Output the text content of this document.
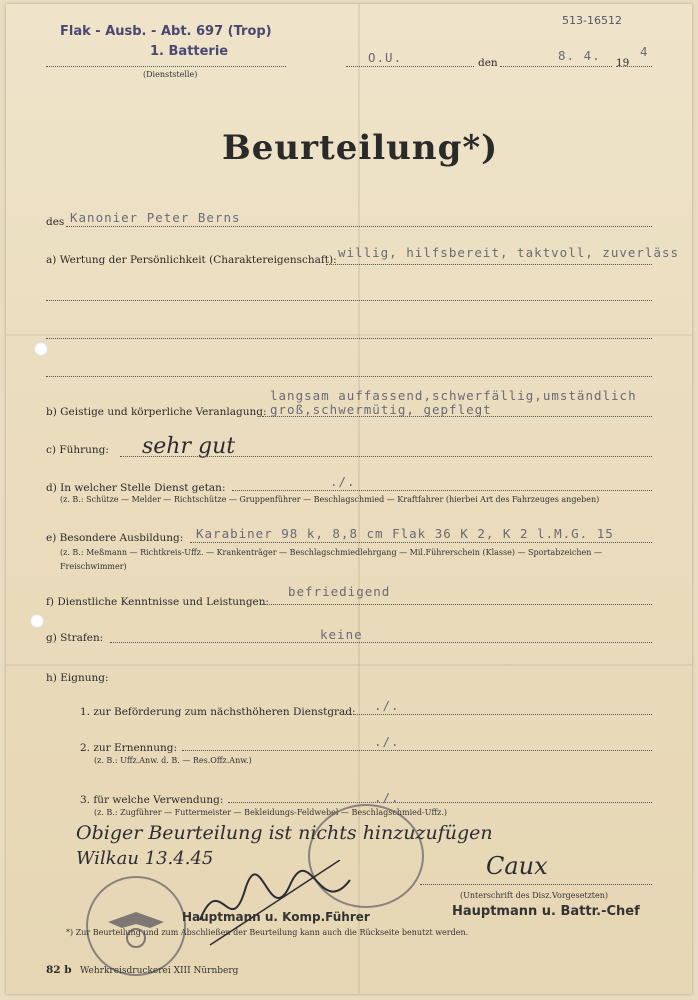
513-16512
Flak - Ausb. - Abt. 697 (Trop)
1. Batterie
(Dienststelle)
O.U.	den	8. 4. 19
4
Beurteilung*)
des Kanonier Peter Berns
a) Wertung der Persönlichkeit (Charaktereigenschaft): willig, hilfsbereit, taktvoll, zuverläss
langsam auffassend,schwerfällig,umständlich
b) Geistige und körperliche Veranlagung: groß,schwermütig, gepflegt
c) Führung: sehr gut
d) In welcher Stelle Dienst getan:	./.
(z. B.: Schütze — Melder — Richtschütze — Gruppenführer — Beschlagschmied — Kraftfahrer (hierbei Art des Fahrzeuges angeben)
e) Besondere Ausbildung: Karabiner 98 k, 8,8 cm Flak 36 K 2, K 2 l.M.G. 15
(z. B.: Meßmann — Richtkreis-Uffz. — Krankenträger — Beschlagschmiedlehrgang — Mil.Führerschein (Klasse) — Sportabzeichen —
Freischwimmer)
f) Dienstliche Kenntnisse und Leistungen:
befriedigend
g) Strafen:	keine
h) Eignung:
1. zur Beförderung zum nächsthöheren Dienstgrad: ./.
2. zur Ernennung:	./.
(z. B.: Uffz.Anw. d. B. — Res.Offz.Anw.)
3. für welche Verwendung:	./.
(z. B.: Zugführer — Futtermeister — Bekleidungs-Feldwebel — Beschlagschmied-Uffz.)
Obiger Beurteilung ist nichts hinzuzufügen
Wilkau 13.4.45	Caux
(Unterschrift des Disz.Vorgesetzten)
Hauptmann u. Battr.-Chef
Hauptmann u. Komp.Führer
*) Zur Beurteilung und zum Abschließen der Beurteilung kann auch die Rückseite benutzt werden.
82 b Wehrkreisdruckerei XIII Nürnberg
